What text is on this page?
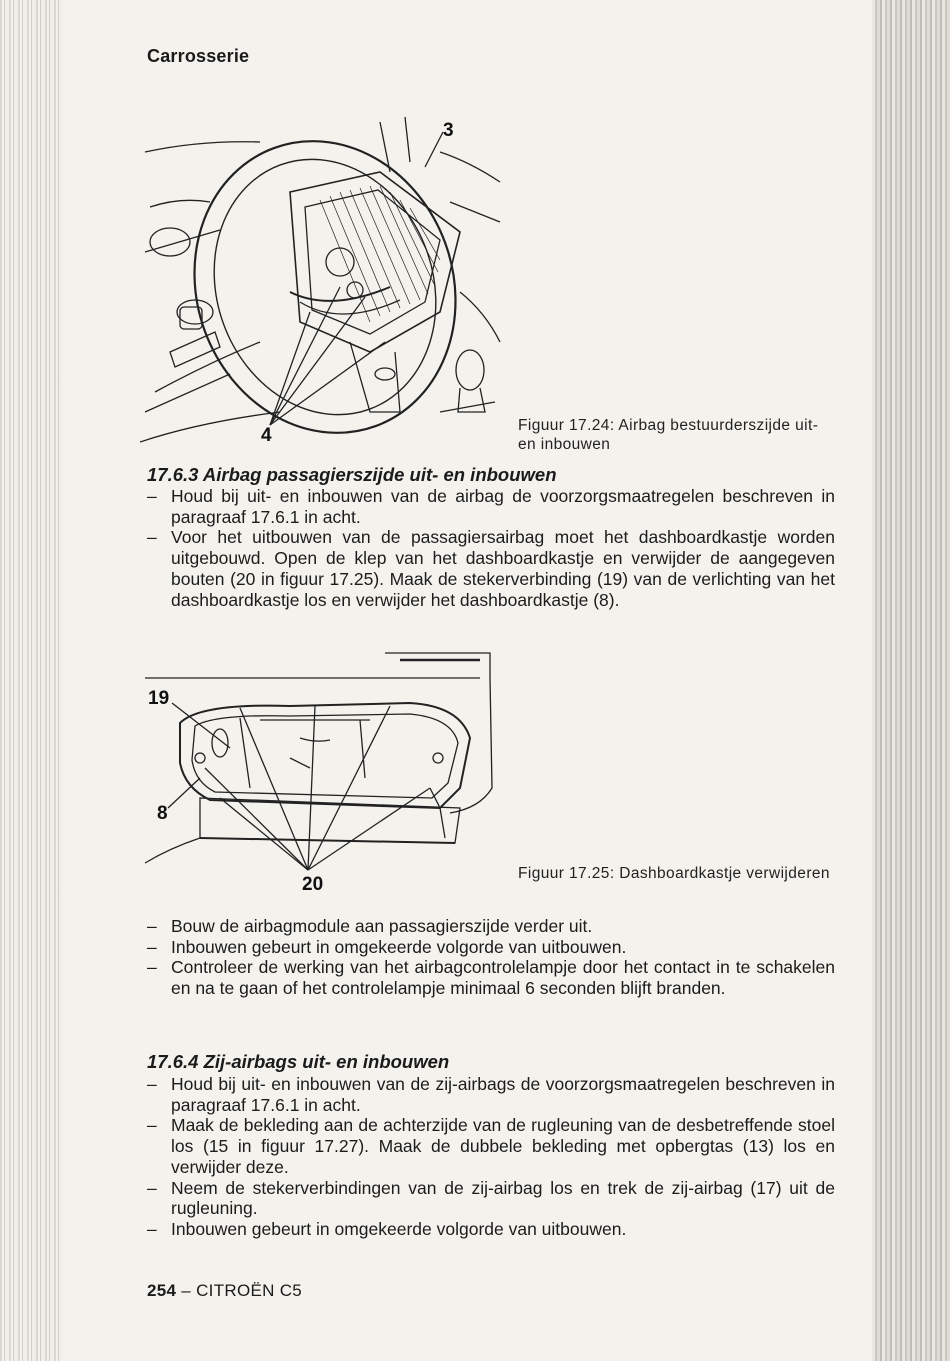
Carrosserie
3
4	Figuur 17.24: Airbag bestuurderszijde uit- en inbouwen
17.6.3 Airbag passagierszijde uit- en inbouwen
– Houd bij uit- en inbouwen van de airbag de voorzorgsmaatregelen beschreven in paragraaf 17.6.1 in acht.
– Voor het uitbouwen van de passagiersairbag moet het dashboardkastje worden uitgebouwd. Open de klep van het dashboardkastje en verwijder de aangegeven bouten (20 in figuur 17.25). Maak de stekerverbinding (19) van de verlichting van het dashboardkastje los en verwijder het dashboardkastje (8).
19
8
20
Figuur 17.25: Dashboardkastje verwijderen
– Bouw de airbagmodule aan passagierszijde verder uit.
– Inbouwen gebeurt in omgekeerde volgorde van uitbouwen.
– Controleer de werking van het airbagcontrolelampje door het contact in te schakelen en na te gaan of het controlelampje minimaal 6 seconden blijft branden.
17.6.4 Zij-airbags uit- en inbouwen
– Houd bij uit- en inbouwen van de zij-airbags de voorzorgsmaatregelen beschreven in paragraaf 17.6.1 in acht.
– Maak de bekleding aan de achterzijde van de rugleuning van de desbetreffende stoel los (15 in figuur 17.27). Maak de dubbele bekleding met opbergtas (13) los en verwijder deze.
– Neem de stekerverbindingen van de zij-airbag los en trek de zij-airbag (17) uit de rugleuning.
– Inbouwen gebeurt in omgekeerde volgorde van uitbouwen.
254 – CITROËN C5
